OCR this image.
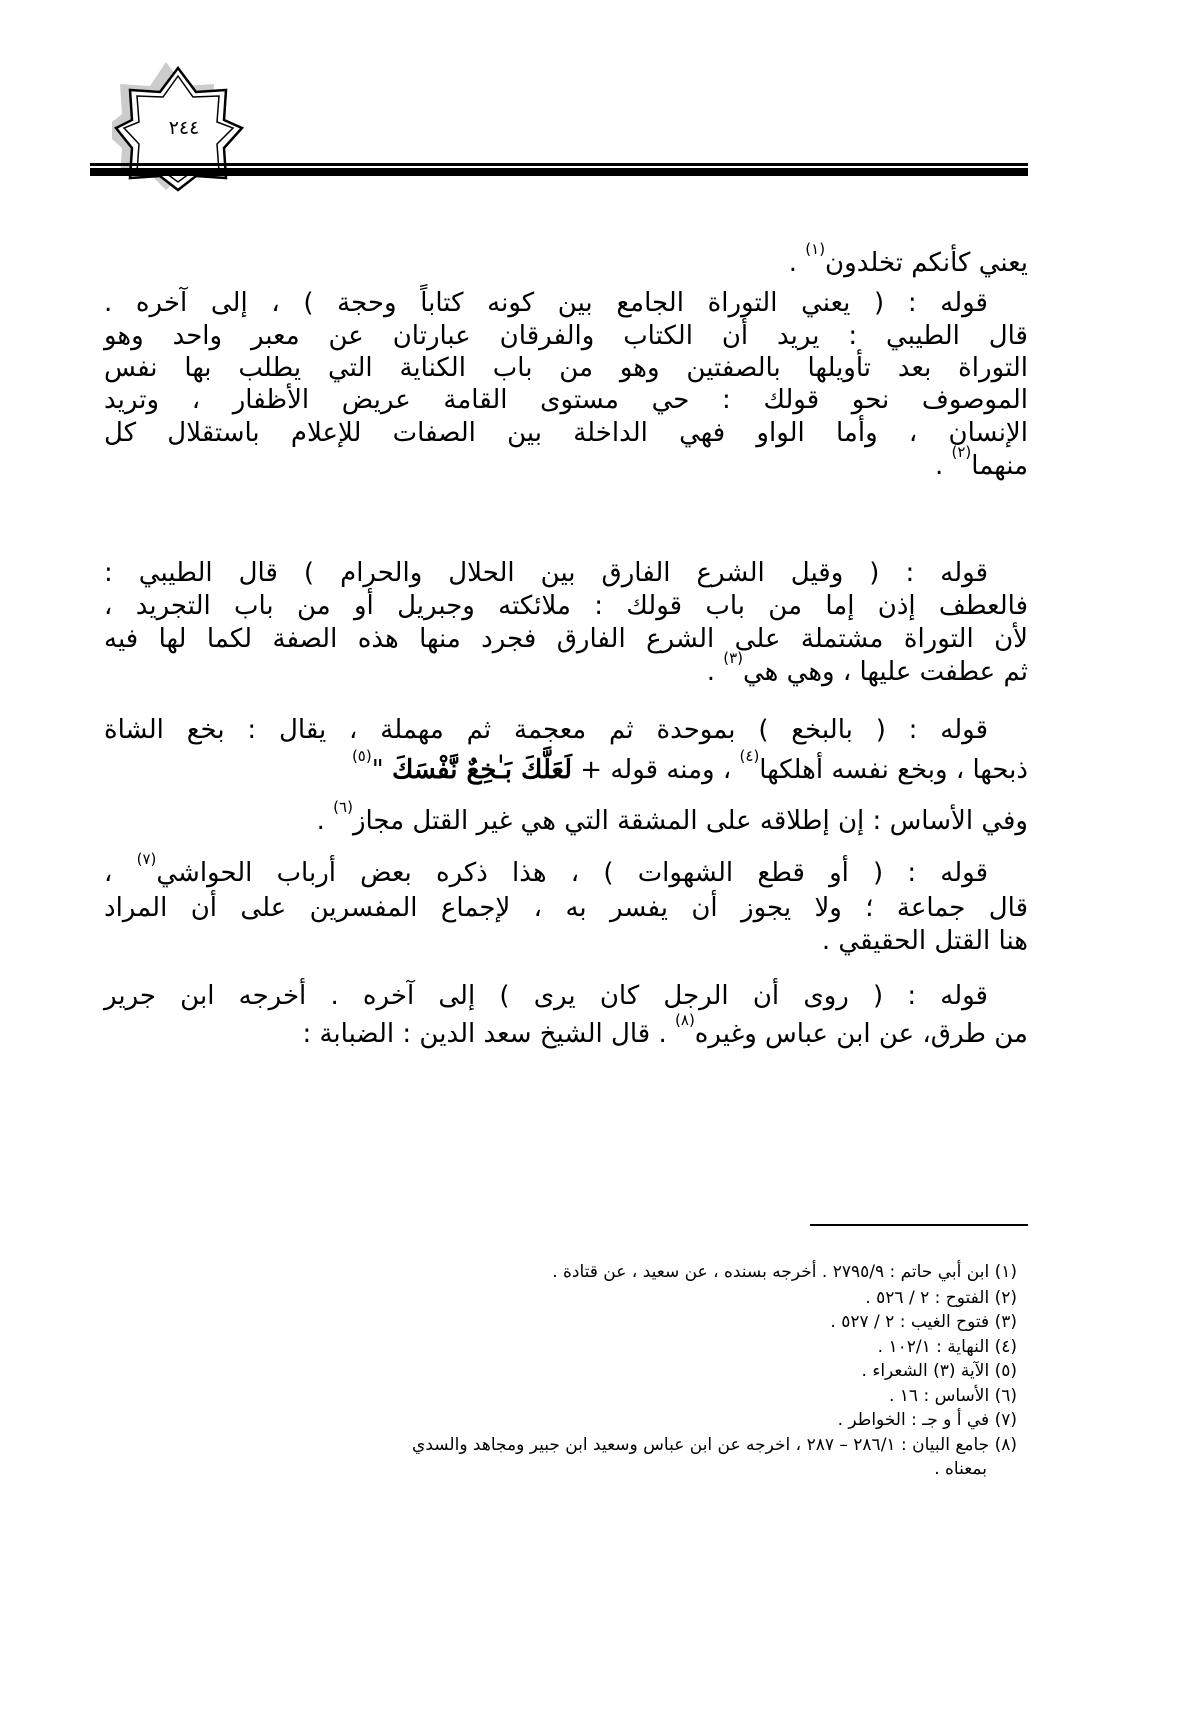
٢٤٤
يعني كأنكم تخلدون$^{(١)}$ .
قوله : ( يعني التوراة الجامع بين كونه كتاباً وحجة ) ، إلى آخره .
قال الطيبي : يريد أن الكتاب والفرقان عبارتان عن معبر واحد وهو
التوراة بعد تأويلها بالصفتين وهو من باب الكناية التي يطلب بها نفس
الموصوف نحو قولك : حي مستوى القامة عريض الأظفار ، وتريد
الإنسان ، وأما الواو فهي الداخلة بين الصفات للإعلام باستقلال كل
منهما$^{(٢)}$ .
قوله : ( وقيل الشرع الفارق بين الحلال والحرام ) قال الطيبي :
فالعطف إذن إما من باب قولك : ملائكته وجبريل أو من باب التجريد ،
لأن التوراة مشتملة على الشرع الفارق فجرد منها هذه الصفة لكما لها فيه
ثم عطفت عليها ، وهي هي$^{(٣)}$ .
قوله : ( بالبخع ) بموحدة ثم معجمة ثم مهملة ، يقال : بخع الشاة
ذبحها ، وبخع نفسه أهلكها$^{(٤)}$ ، ومنه قوله + لَعَلَّكَ بَـٰخِعٌ نَّفْسَكَ "$^{(٥)}$
وفي الأساس : إن إطلاقه على المشقة التي هي غير القتل مجاز$^{(٦)}$ .
قوله : ( أو قطع الشهوات ) ، هذا ذكره بعض أرباب الحواشي$^{(٧)}$ ،
قال جماعة ؛ ولا يجوز أن يفسر به ، لإجماع المفسرين على أن المراد
هنا القتل الحقيقي .
قوله : ( روى أن الرجل كان يرى ) إلى آخره . أخرجه ابن جرير
من طرق، عن ابن عباس وغيره$^{(٨)}$ . قال الشيخ سعد الدين : الضبابة :
(١) ابن أبي حاتم : ٢٧٩٥/٩ . أخرجه بسنده ، عن سعيد ، عن قتادة .
(٢) الفتوح : ٢ / ٥٢٦ .
(٣) فتوح الغيب : ٢ / ٥٢٧ .
(٤) النهاية : ١٠٢/١ .
(٥) الآية (٣) الشعراء .
(٦) الأساس : ١٦ .
(٧) في أ و جـ : الخواطر .
(٨) جامع البيان : ٢٨٦/١ – ٢٨٧ ، اخرجه عن ابن عباس وسعيد ابن جبير ومجاهد والسدي
بمعناه .
